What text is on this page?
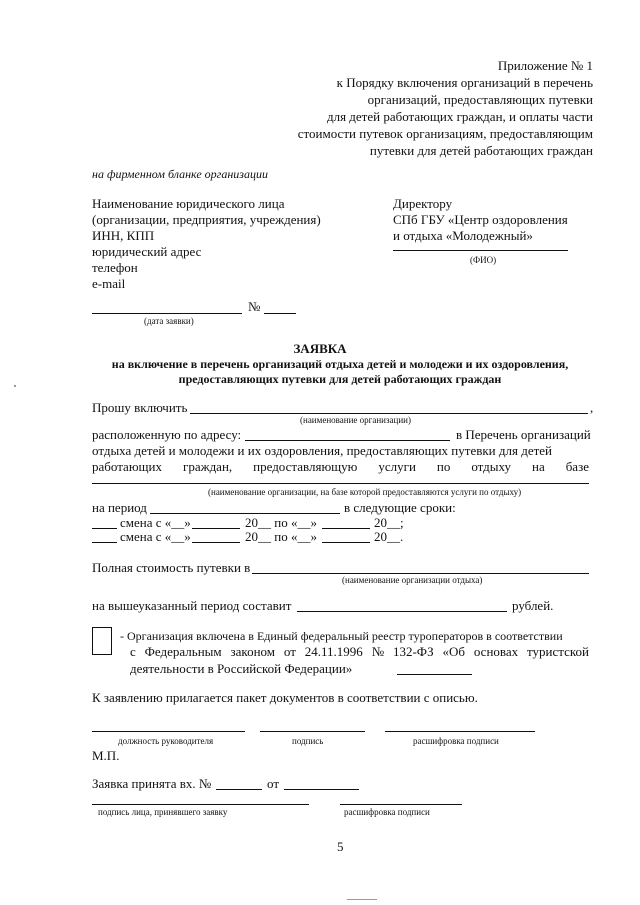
Приложение № 1
к Порядку включения организаций в перечень
организаций, предоставляющих путевки
для детей работающих граждан, и оплаты части
стоимости путевок организациям, предоставляющим
путевки для детей работающих граждан
на фирменном бланке организации
Наименование юридического лица
(организации, предприятия, учреждения)
ИНН, КПП
юридический адрес
телефон
e-mail
Директору
СПб ГБУ «Центр оздоровления
и отдыха «Молодежный»
(ФИО)
№
(дата заявки)
ЗАЯВКА
на включение в перечень организаций отдыха детей и молодежи и их оздоровления,
предоставляющих путевки для детей работающих граждан
Прошу включить	,
(наименование организации)
расположенную по адресу:	в Перечень организаций
отдыха детей и молодежи и их оздоровления, предоставляющих путевки для детей
работающих граждан, предоставляющую услуги по отдыху на базе
(наименование организации, на базе которой предоставляются услуги по отдыху)
на период	в следующие сроки:
смена с «__»	20__ по «__»	20__;
смена с «__»	20__ по «__»	20__.
Полная стоимость путевки в
(наименование организации отдыха)
на вышеуказанный период составит	рублей.
- Организация включена в Единый федеральный реестр туроператоров в соответствии
с Федеральным законом от 24.11.1996 № 132-ФЗ «Об основах туристской
деятельности в Российской Федерации»
К заявлению прилагается пакет документов в соответствии с описью.
должность руководителя	подпись	расшифровка подписи
М.П.
Заявка принята вх. №	от
подпись лица, принявшего заявку	расшифровка подписи
5
